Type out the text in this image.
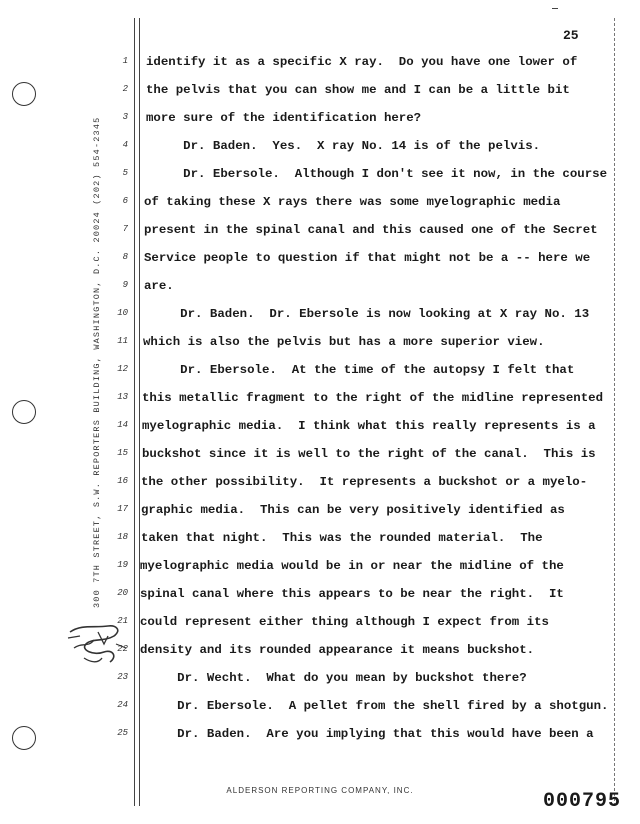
300 7TH STREET, S.W. REPORTERS BUILDING, WASHINGTON, D.C. 20024 (202) 554-2345
25
1
2
3
4
5
6
7
8
9
10
11
12
13
14
15
16
17
18
19
20
21
22
23
24
25
identify it as a specific X ray.  Do you have one lower of
the pelvis that you can show me and I can be a little bit
more sure of the identification here?
Dr. Baden.  Yes.  X ray No. 14 is of the pelvis.
Dr. Ebersole.  Although I don't see it now, in the course
of taking these X rays there was some myelographic media
present in the spinal canal and this caused one of the Secret
Service people to question if that might not be a -- here we
are.
Dr. Baden.  Dr. Ebersole is now looking at X ray No. 13
which is also the pelvis but has a more superior view.
Dr. Ebersole.  At the time of the autopsy I felt that
this metallic fragment to the right of the midline represented
myelographic media.  I think what this really represents is a
buckshot since it is well to the right of the canal.  This is
the other possibility.  It represents a buckshot or a myelo-
graphic media.  This can be very positively identified as
taken that night.  This was the rounded material.  The
myelographic media would be in or near the midline of the
spinal canal where this appears to be near the right.  It
could represent either thing although I expect from its
density and its rounded appearance it means buckshot.
Dr. Wecht.  What do you mean by buckshot there?
Dr. Ebersole.  A pellet from the shell fired by a shotgun.
Dr. Baden.  Are you implying that this would have been a
ALDERSON REPORTING COMPANY, INC.	000795
